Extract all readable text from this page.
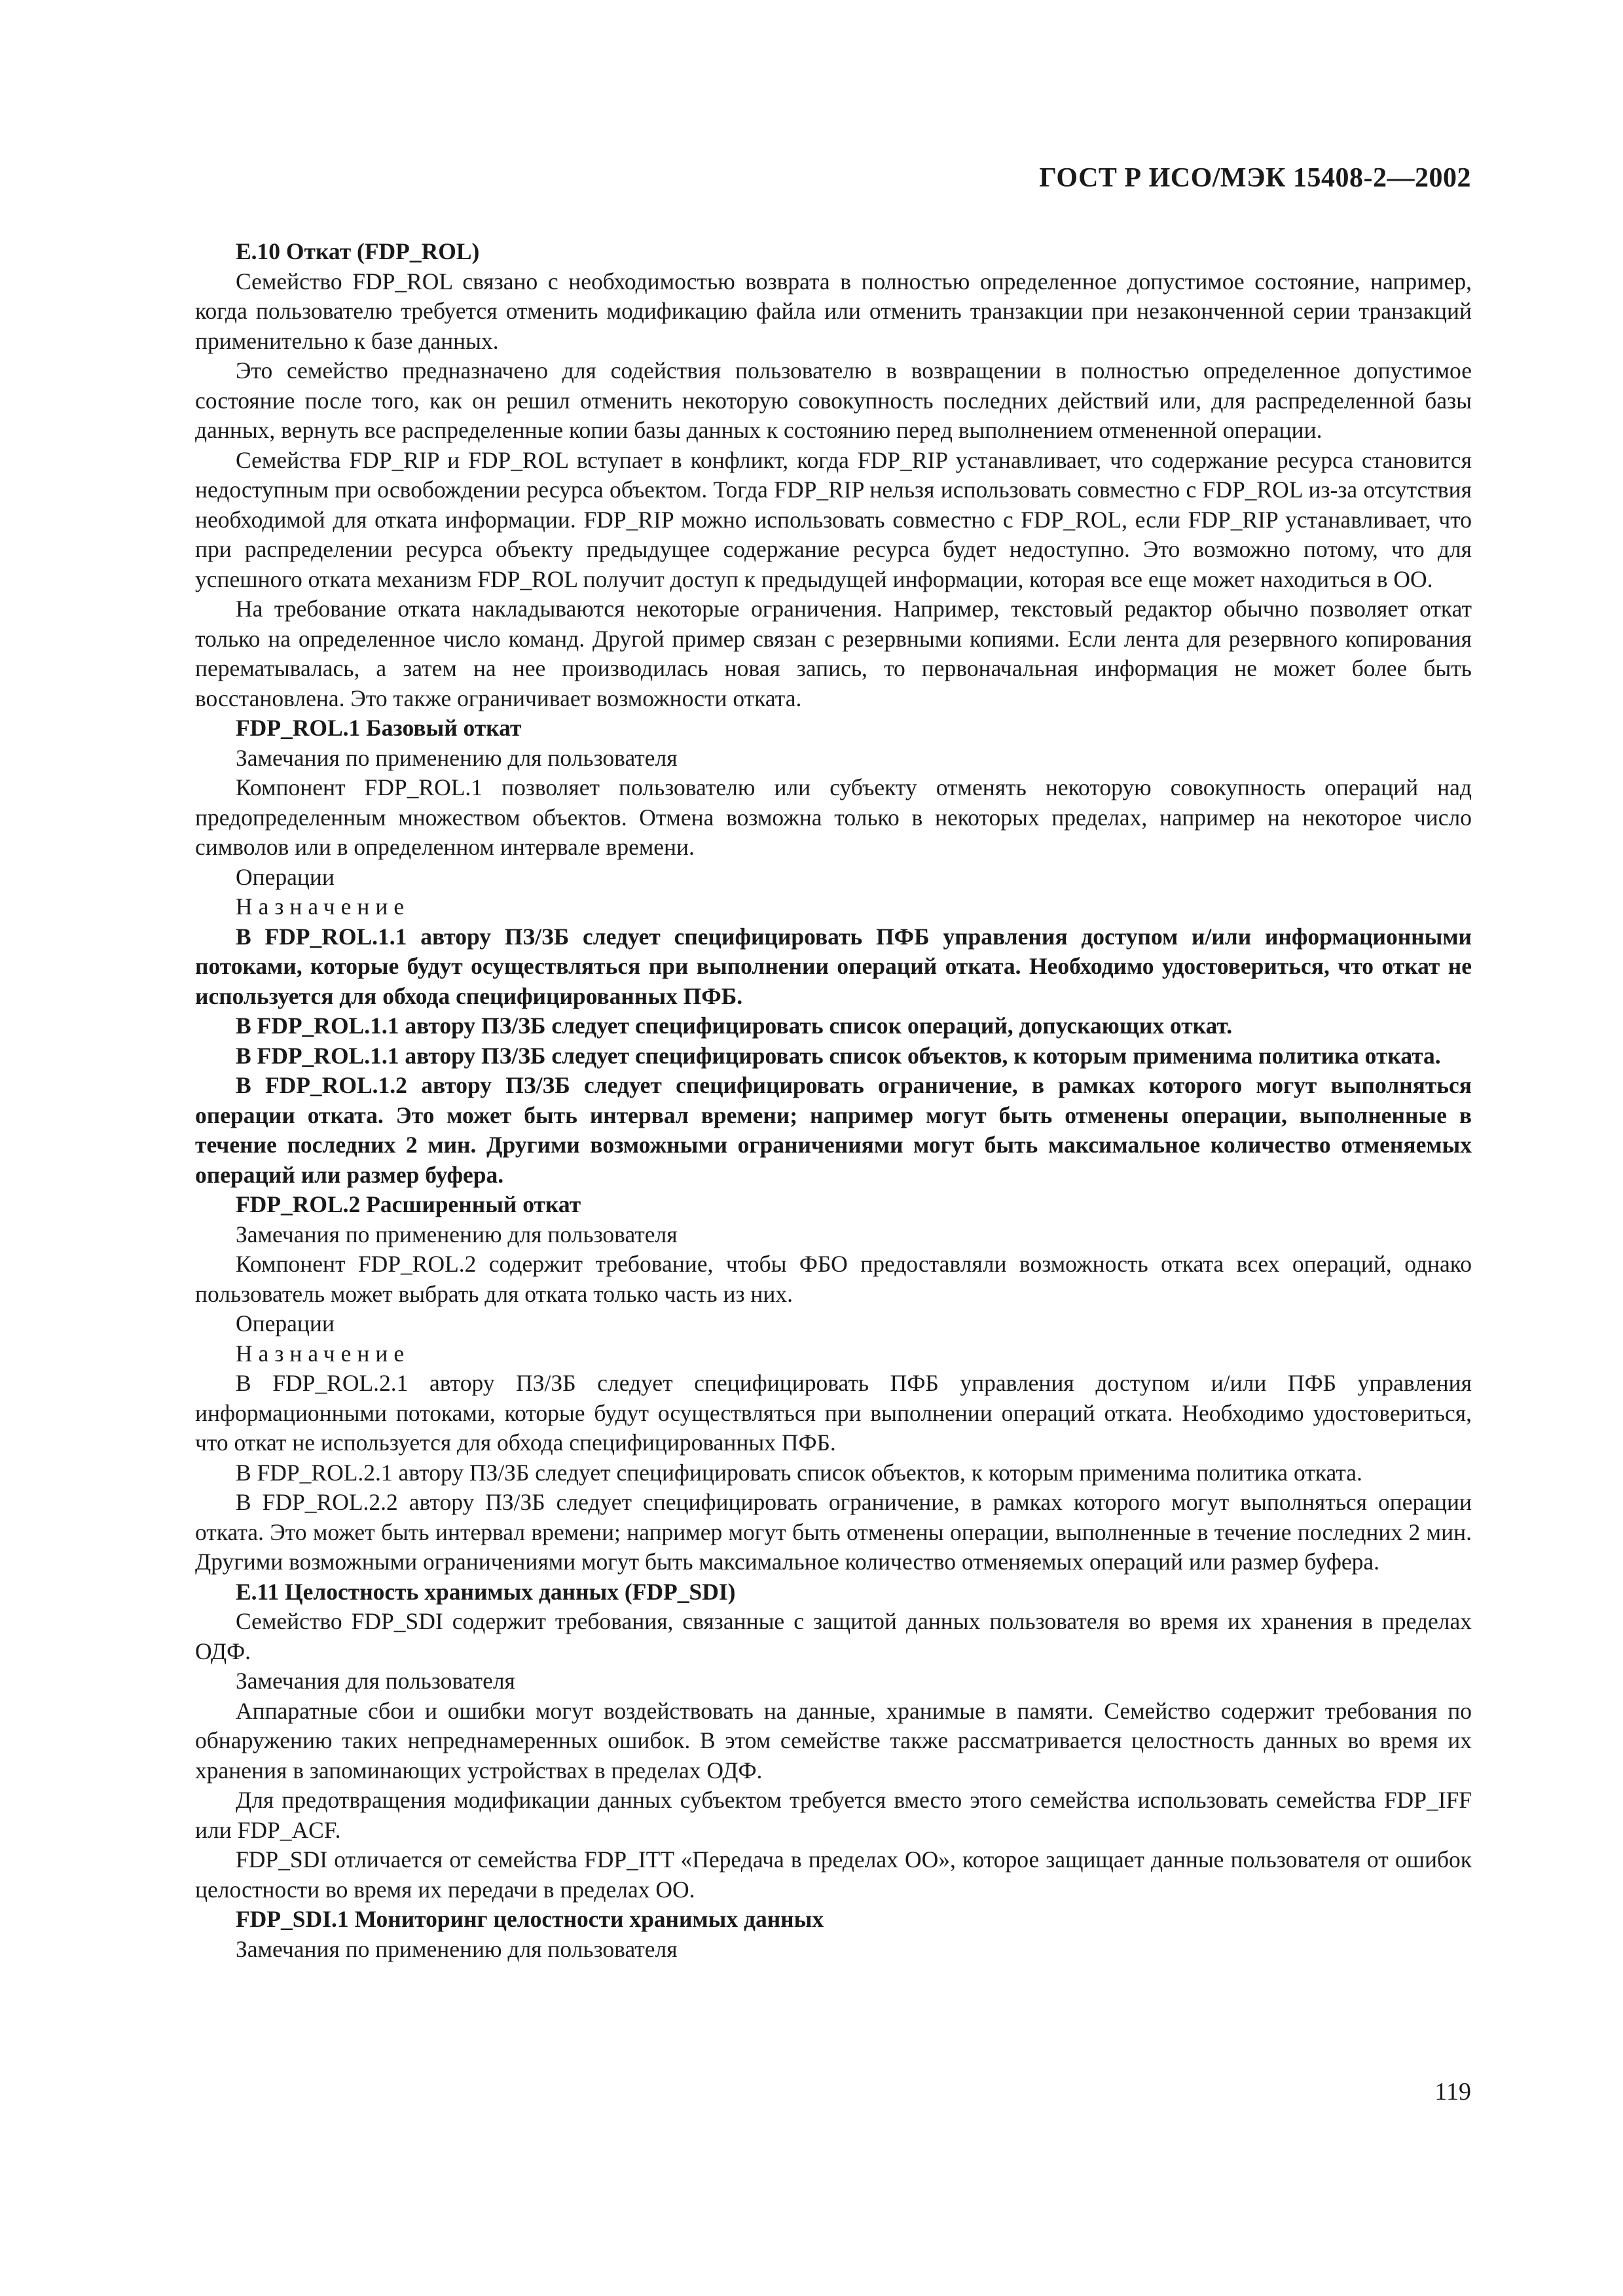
ГОСТ Р ИСО/МЭК 15408-2—2002

E.10 Откат (FDP_ROL)

Семейство FDP_ROL связано с необходимостью возврата в полностью определенное допустимое состояние, например, когда пользователю требуется отменить модификацию файла или отменить транзакции при незаконченной серии транзакций применительно к базе данных.

Это семейство предназначено для содействия пользователю в возвращении в полностью определенное допустимое состояние после того, как он решил отменить некоторую совокупность последних действий или, для распределенной базы данных, вернуть все распределенные копии базы данных к состоянию перед выполнением отмененной операции.

Семейства FDP_RIP и FDP_ROL вступает в конфликт, когда FDP_RIP устанавливает, что содержание ресурса становится недоступным при освобождении ресурса объектом. Тогда FDP_RIP нельзя использовать совместно с FDP_ROL из-за отсутствия необходимой для отката информации. FDP_RIP можно использовать совместно с FDP_ROL, если FDP_RIP устанавливает, что при распределении ресурса объекту предыдущее содержание ресурса будет недоступно. Это возможно потому, что для успешного отката механизм FDP_ROL получит доступ к предыдущей информации, которая все еще может находиться в ОО.

На требование отката накладываются некоторые ограничения. Например, текстовый редактор обычно позволяет откат только на определенное число команд. Другой пример связан с резервными копиями. Если лента для резервного копирования перематывалась, а затем на нее производилась новая запись, то первоначальная информация не может более быть восстановлена. Это также ограничивает возможности отката.

FDP_ROL.1 Базовый откат

Замечания по применению для пользователя

Компонент FDP_ROL.1 позволяет пользователю или субъекту отменять некоторую совокупность операций над предопределенным множеством объектов. Отмена возможна только в некоторых пределах, например на некоторое число символов или в определенном интервале времени.

Операции

Назначение

В FDP_ROL.1.1 автору ПЗ/ЗБ следует специфицировать ПФБ управления доступом и/или информационными потоками, которые будут осуществляться при выполнении операций отката. Необходимо удостовериться, что откат не используется для обхода специфицированных ПФБ.

В FDP_ROL.1.1 автору ПЗ/ЗБ следует специфицировать список операций, допускающих откат.

В FDP_ROL.1.1 автору ПЗ/ЗБ следует специфицировать список объектов, к которым применима политика отката.

В FDP_ROL.1.2 автору ПЗ/ЗБ следует специфицировать ограничение, в рамках которого могут выполняться операции отката. Это может быть интервал времени; например могут быть отменены операции, выполненные в течение последних 2 мин. Другими возможными ограничениями могут быть максимальное количество отменяемых операций или размер буфера.

FDP_ROL.2 Расширенный откат

Замечания по применению для пользователя

Компонент FDP_ROL.2 содержит требование, чтобы ФБО предоставляли возможность отката всех операций, однако пользователь может выбрать для отката только часть из них.

Операции

Назначение

В FDP_ROL.2.1 автору ПЗ/ЗБ следует специфицировать ПФБ управления доступом и/или ПФБ управления информационными потоками, которые будут осуществляться при выполнении операций отката. Необходимо удостовериться, что откат не используется для обхода специфицированных ПФБ.

В FDP_ROL.2.1 автору ПЗ/ЗБ следует специфицировать список объектов, к которым применима политика отката.

В FDP_ROL.2.2 автору ПЗ/ЗБ следует специфицировать ограничение, в рамках которого могут выполняться операции отката. Это может быть интервал времени; например могут быть отменены операции, выполненные в течение последних 2 мин. Другими возможными ограничениями могут быть максимальное количество отменяемых операций или размер буфера.

E.11 Целостность хранимых данных (FDP_SDI)

Семейство FDP_SDI содержит требования, связанные с защитой данных пользователя во время их хранения в пределах ОДФ.

Замечания для пользователя

Аппаратные сбои и ошибки могут воздействовать на данные, хранимые в памяти. Семейство содержит требования по обнаружению таких непреднамеренных ошибок. В этом семействе также рассматривается целостность данных во время их хранения в запоминающих устройствах в пределах ОДФ.

Для предотвращения модификации данных субъектом требуется вместо этого семейства использовать семейства FDP_IFF или FDP_ACF.

FDP_SDI отличается от семейства FDP_ITT «Передача в пределах ОО», которое защищает данные пользователя от ошибок целостности во время их передачи в пределах ОО.

FDP_SDI.1 Мониторинг целостности хранимых данных

Замечания по применению для пользователя

119
